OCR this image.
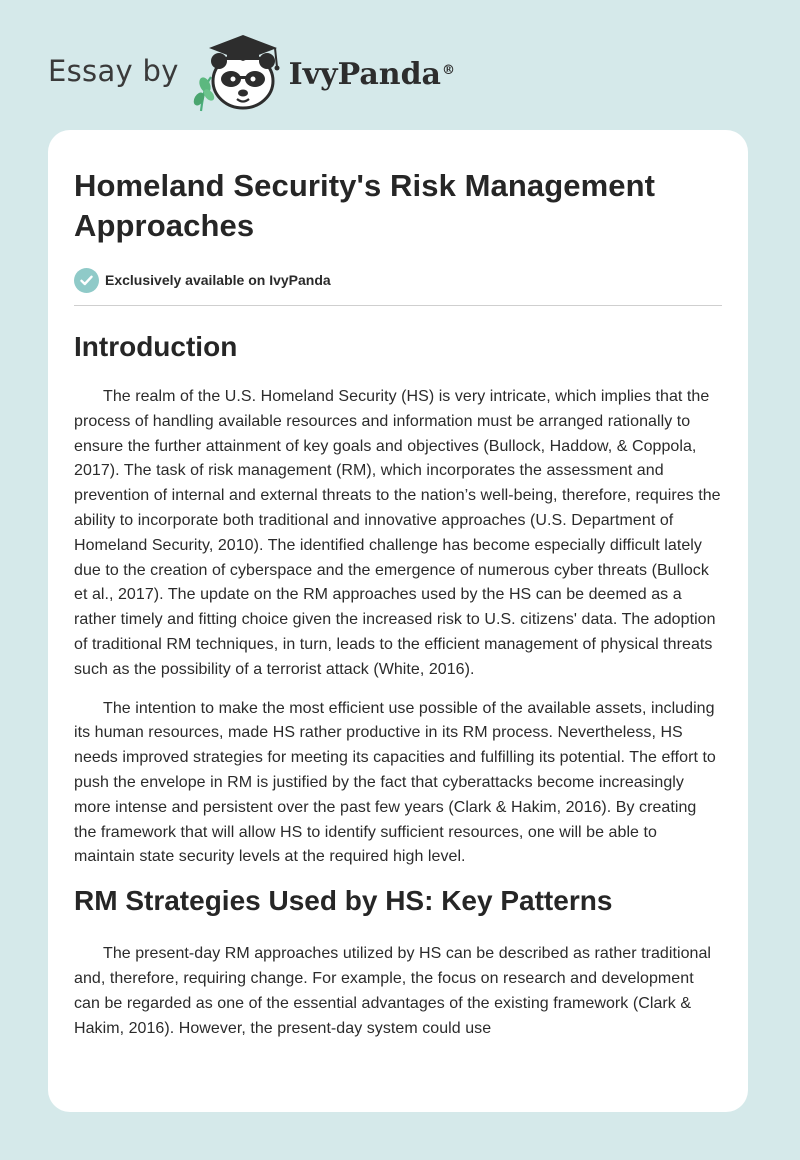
Essay by	IvyPanda®
Homeland Security's Risk Management Approaches
Exclusively available on IvyPanda
Introduction

The realm of the U.S. Homeland Security (HS) is very intricate, which implies that the process of handling available resources and information must be arranged rationally to ensure the further attainment of key goals and objectives (Bullock, Haddow, & Coppola, 2017). The task of risk management (RM), which incorporates the assessment and prevention of internal and external threats to the nation’s well-being, therefore, requires the ability to incorporate both traditional and innovative approaches (U.S. Department of Homeland Security, 2010). The identified challenge has become especially difficult lately due to the creation of cyberspace and the emergence of numerous cyber threats (Bullock et al., 2017). The update on the RM approaches used by the HS can be deemed as a rather timely and fitting choice given the increased risk to U.S. citizens' data. The adoption of traditional RM techniques, in turn, leads to the efficient management of physical threats such as the possibility of a terrorist attack (White, 2016).

The intention to make the most efficient use possible of the available assets, including its human resources, made HS rather productive in its RM process. Nevertheless, HS needs improved strategies for meeting its capacities and fulfilling its potential. The effort to push the envelope in RM is justified by the fact that cyberattacks become increasingly more intense and persistent over the past few years (Clark & Hakim, 2016). By creating the framework that will allow HS to identify sufficient resources, one will be able to maintain state security levels at the required high level.

RM Strategies Used by HS: Key Patterns

The present-day RM approaches utilized by HS can be described as rather traditional and, therefore, requiring change. For example, the focus on research and development can be regarded as one of the essential advantages of the existing framework (Clark & Hakim, 2016). However, the present-day system could use
